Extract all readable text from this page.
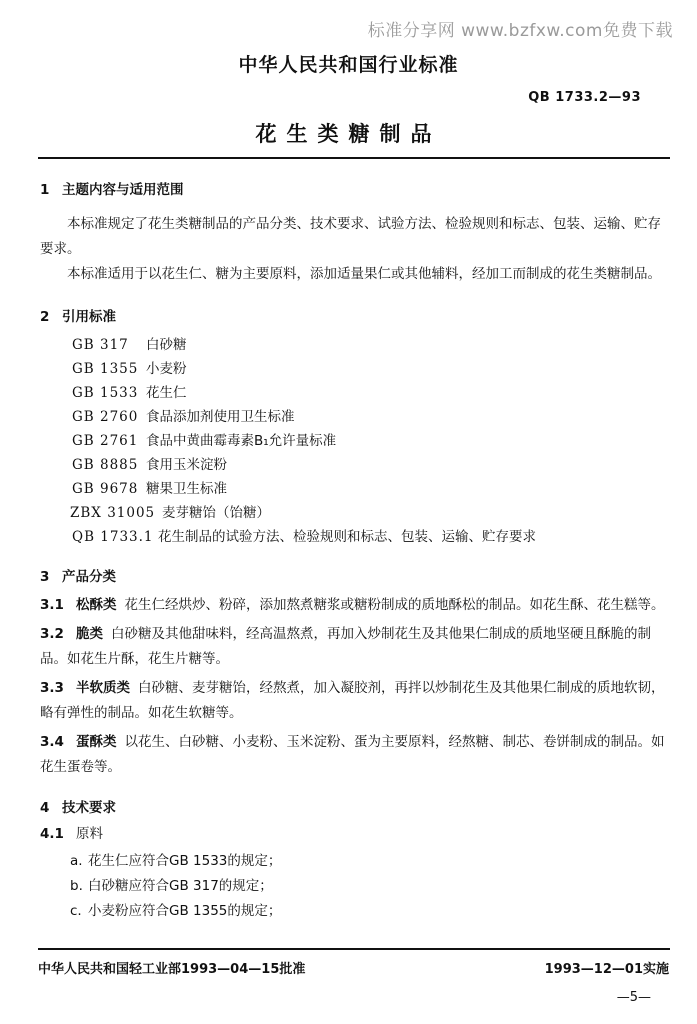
标准分享网 www.bzfxw.com免费下载
中华人民共和国行业标准
QB 1733.2—93
花生类糖制品
1 主题内容与适用范围

本标准规定了花生类糖制品的产品分类、技术要求、试验方法、检验规则和标志、包装、运输、贮存要求。

本标准适用于以花生仁、糖为主要原料，添加适量果仁或其他辅料，经加工而制成的花生类糖制品。

2 引用标准
GB 317 白砂糖
GB 1355 小麦粉
GB 1533 花生仁
GB 2760 食品添加剂使用卫生标准
GB 2761 食品中黄曲霉毒素B₁允许量标准
GB 8885 食用玉米淀粉
GB 9678 糖果卫生标准
ZBX 31005 麦芽糖饴（饴糖）
QB 1733.1 花生制品的试验方法、检验规则和标志、包装、运输、贮存要求
3 产品分类

3.1 松酥类 花生仁经烘炒、粉碎，添加熬煮糖浆或糖粉制成的质地酥松的制品。如花生酥、花生糕等。

3.2 脆类 白砂糖及其他甜味料，经高温熬煮，再加入炒制花生及其他果仁制成的质地坚硬且酥脆的制品。如花生片酥，花生片糖等。

3.3 半软质类 白砂糖、麦芽糖饴，经熬煮，加入凝胶剂，再拌以炒制花生及其他果仁制成的质地软韧，略有弹性的制品。如花生软糖等。

3.4 蛋酥类 以花生、白砂糖、小麦粉、玉米淀粉、蛋为主要原料，经熬糖、制芯、卷饼制成的制品。如花生蛋卷等。

4 技术要求

4.1 原料

a. 花生仁应符合GB 1533的规定；
b. 白砂糖应符合GB 317的规定；
c. 小麦粉应符合GB 1355的规定；
中华人民共和国轻工业部1993—04—15批准	1993—12—01实施
—5—
